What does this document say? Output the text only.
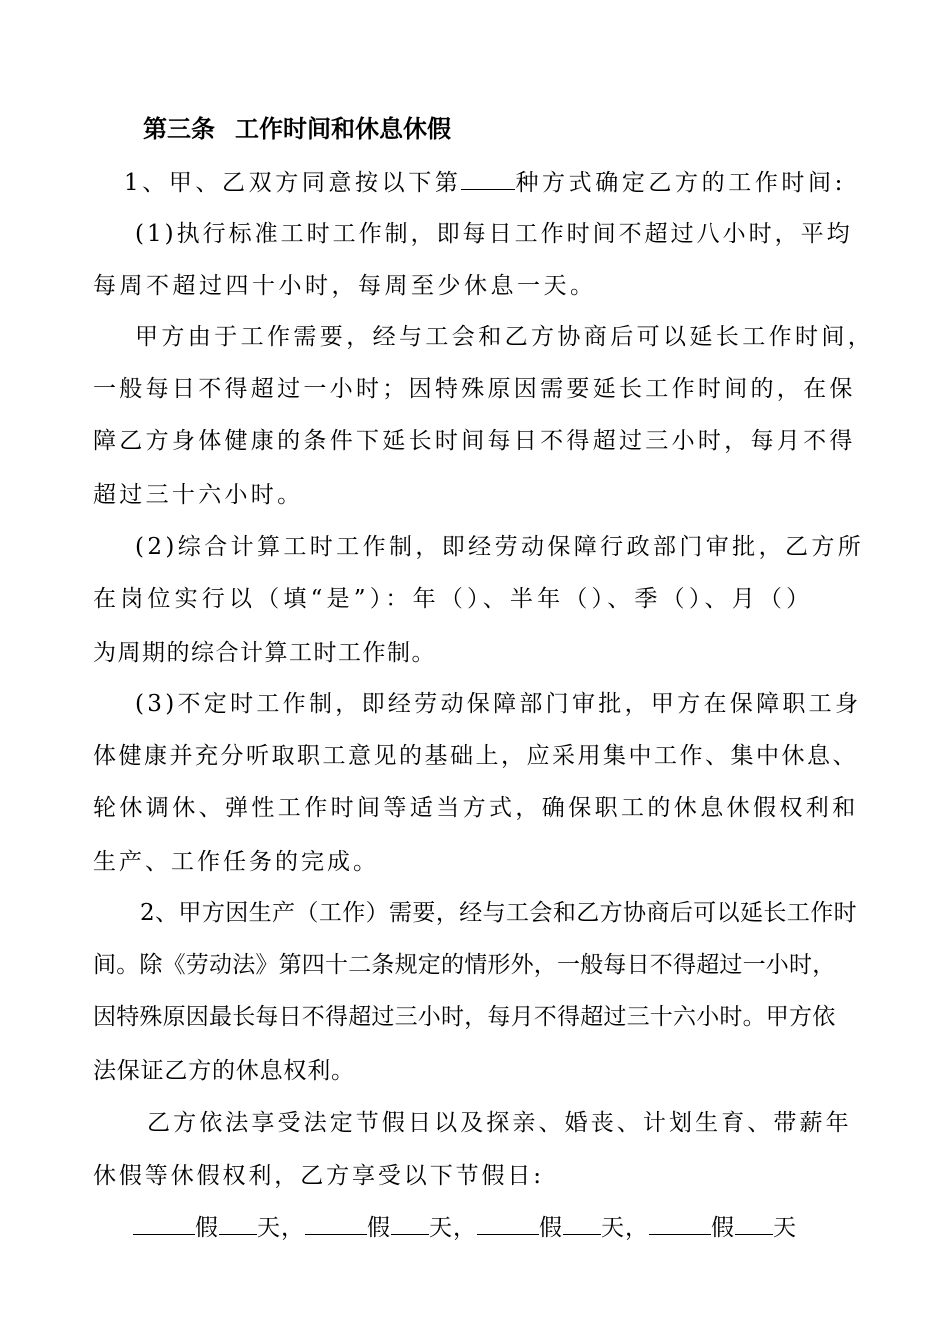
第三条 工作时间和休息休假
1、甲、乙双方同意按以下第 种方式确定乙方的工作时间:
(1)执行标准工时工作制，即每日工作时间不超过八小时，平均
每周不超过四十小时，每周至少休息一天。
甲方由于工作需要，经与工会和乙方协商后可以延长工作时间，
一般每日不得超过一小时；因特殊原因需要延长工作时间的，在保
障乙方身体健康的条件下延长时间每日不得超过三小时，每月不得
超过三十六小时。
(2)综合计算工时工作制，即经劳动保障行政部门审批，乙方所
在岗位实行以（填“是”）：年（）、半年（）、季（）、月（）
为周期的综合计算工时工作制。
(3)不定时工作制，即经劳动保障部门审批，甲方在保障职工身
体健康并充分听取职工意见的基础上，应采用集中工作、集中休息、
轮休调休、弹性工作时间等适当方式，确保职工的休息休假权利和
生产、工作任务的完成。
2、甲方因生产（工作）需要，经与工会和乙方协商后可以延长工作时
间。除《劳动法》第四十二条规定的情形外，一般每日不得超过一小时，
因特殊原因最长每日不得超过三小时，每月不得超过三十六小时。甲方依
法保证乙方的休息权利。
乙方依法享受法定节假日以及探亲、婚丧、计划生育、带薪年
休假等休假权利，乙方享受以下节假日:
假 天，	假 天，	假 天，	假 天
